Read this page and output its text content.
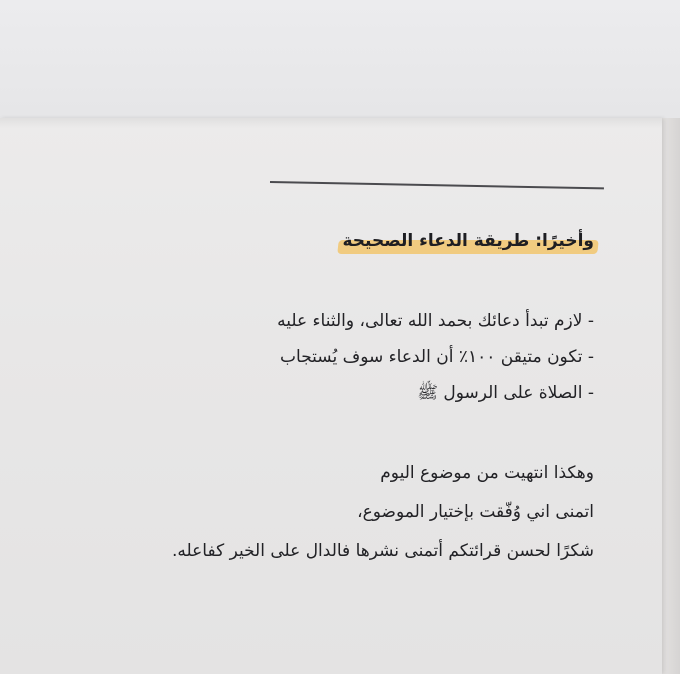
وأخيرًا: طريقة الدعاء الصحيحة
- لازم تبدأ دعائك بحمد الله تعالى، والثناء عليه
- تكون متيقن ١٠٠٪ أن الدعاء سوف يُستجاب
- الصلاة على الرسول ﷺ
وهكذا انتهيت من موضوع اليوم
اتمنى اني وُفّقت بإختيار الموضوع،
شكرًا لحسن قرائتكم أتمنى نشرها فالدال على الخير كفاعله.
